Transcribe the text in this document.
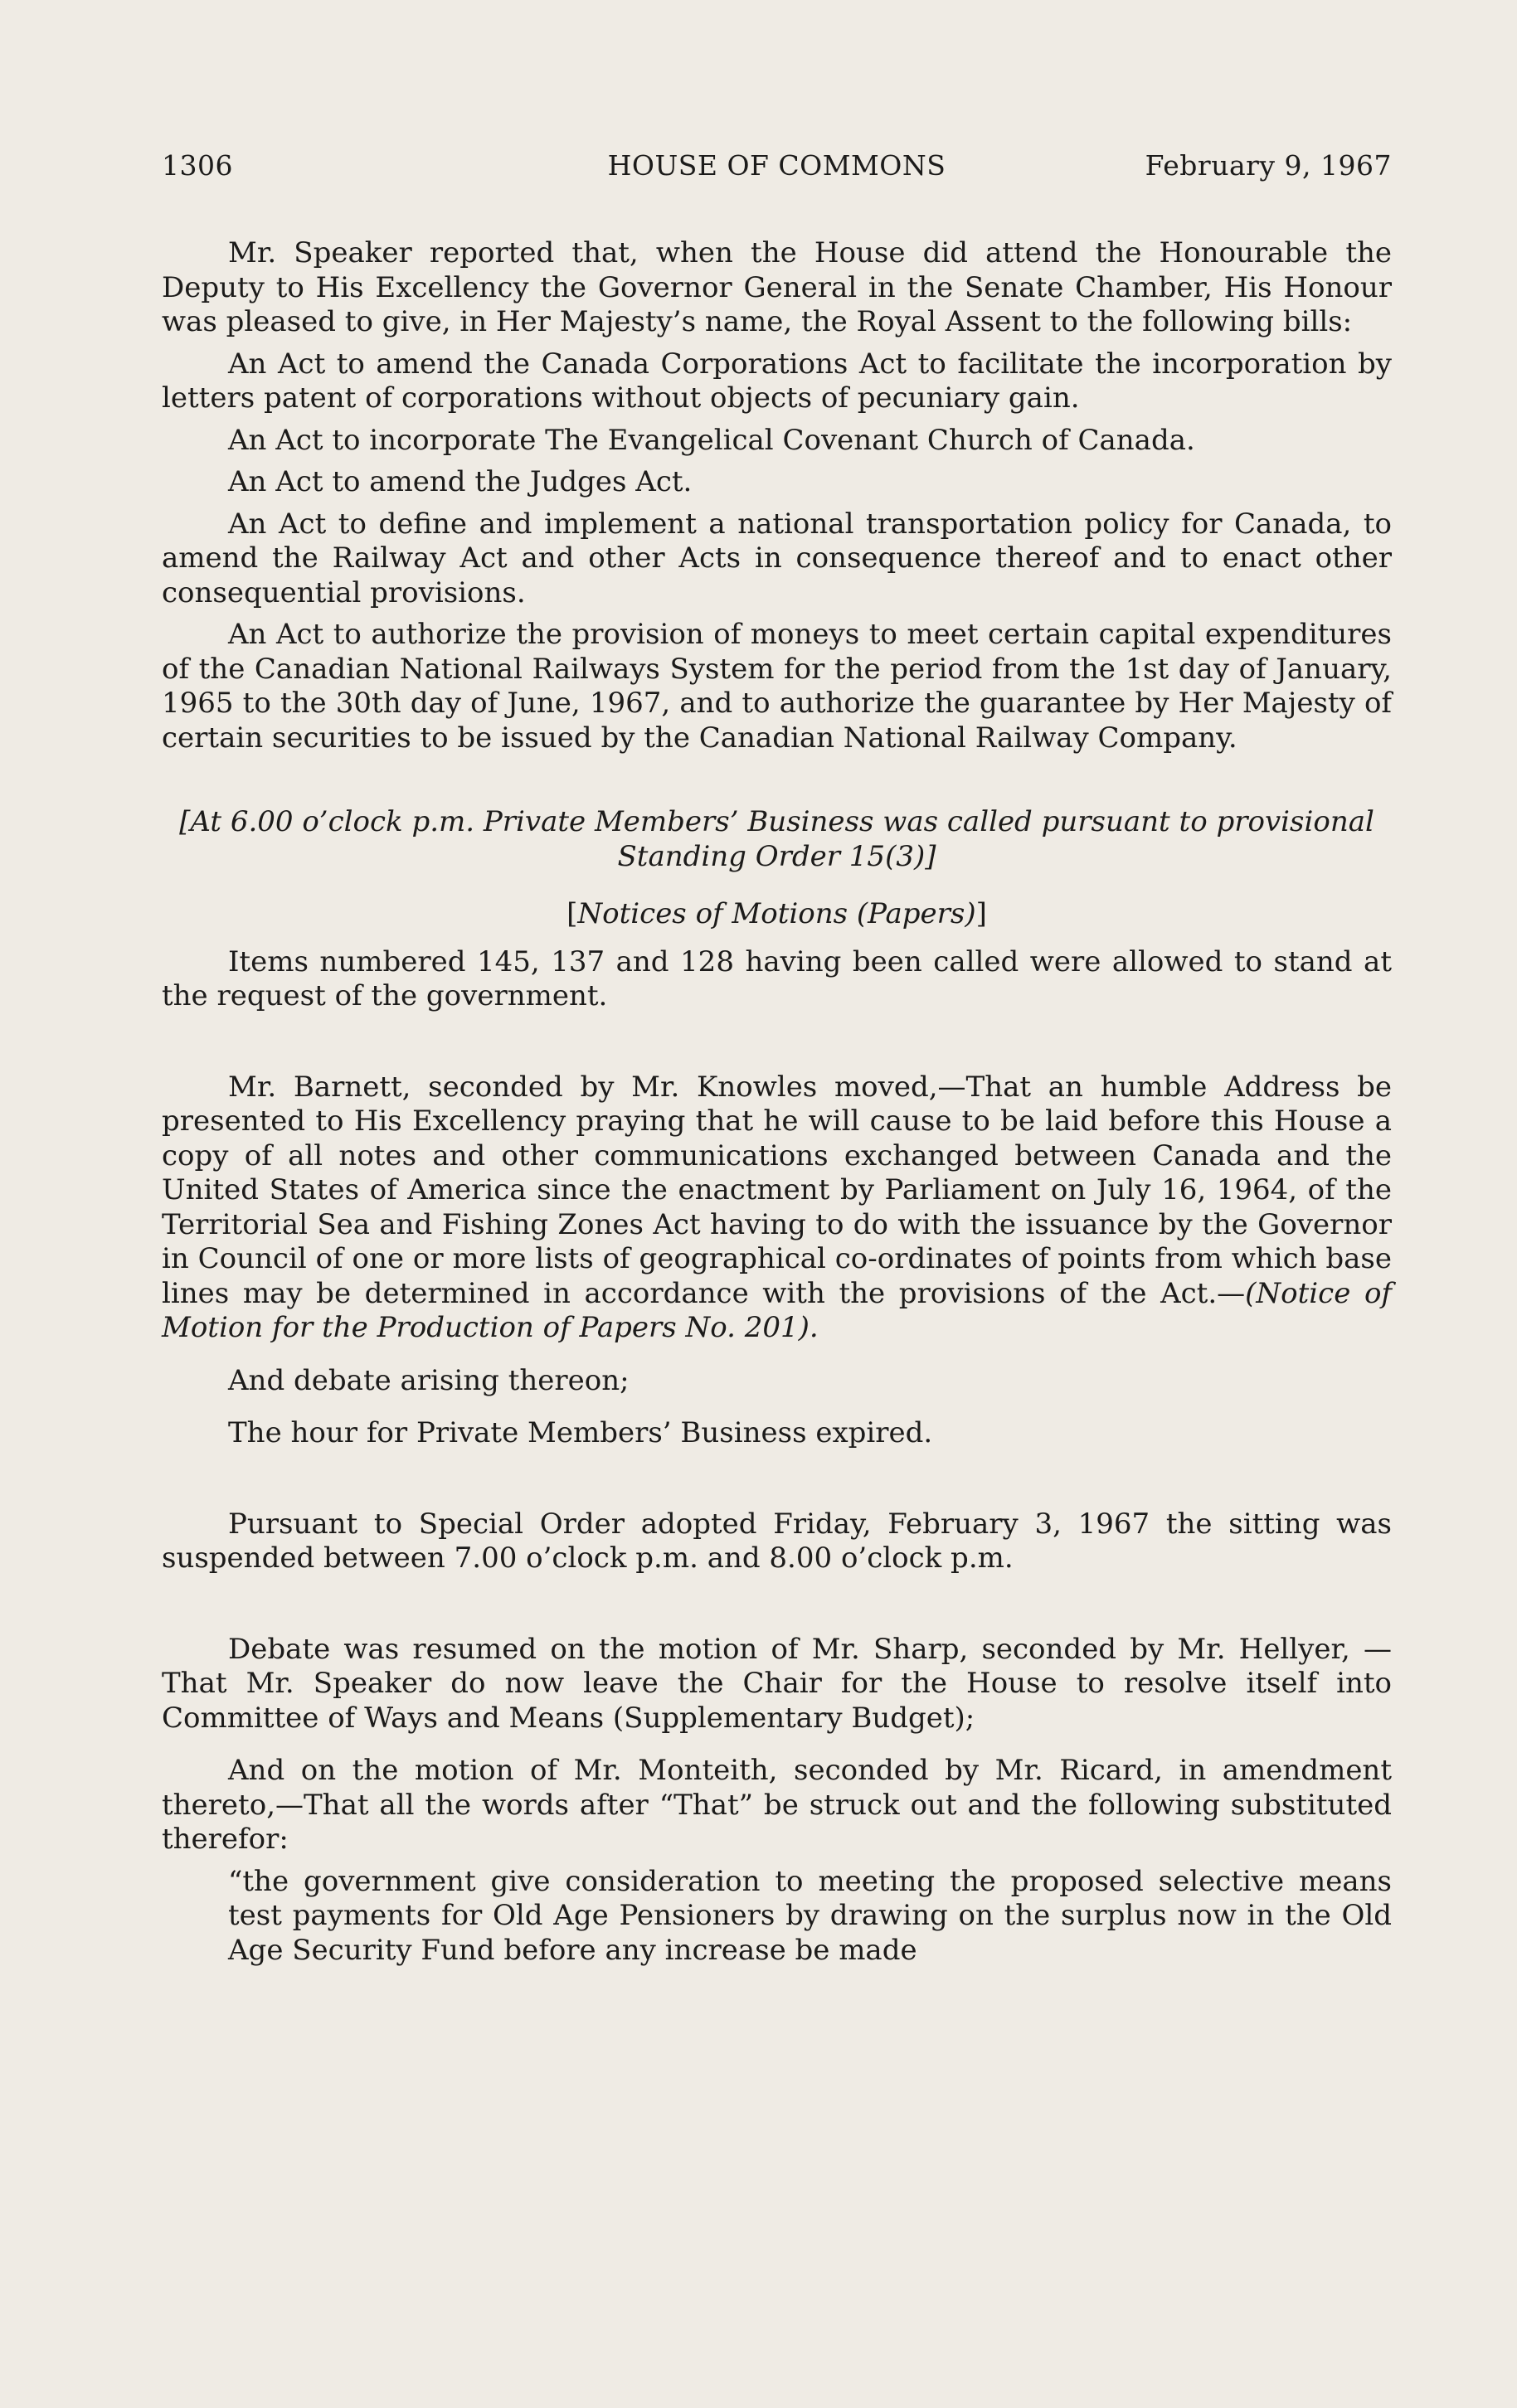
1306	HOUSE OF COMMONS	February 9, 1967

Mr. Speaker reported that, when the House did attend the Honourable the Deputy to His Excellency the Governor General in the Senate Chamber, His Honour was pleased to give, in Her Majesty’s name, the Royal Assent to the following bills:

An Act to amend the Canada Corporations Act to facilitate the incorporation by letters patent of corporations without objects of pecuniary gain.

An Act to incorporate The Evangelical Covenant Church of Canada.

An Act to amend the Judges Act.

An Act to define and implement a national transportation policy for Canada, to amend the Railway Act and other Acts in consequence thereof and to enact other consequential provisions.

An Act to authorize the provision of moneys to meet certain capital expenditures of the Canadian National Railways System for the period from the 1st day of January, 1965 to the 30th day of June, 1967, and to authorize the guarantee by Her Majesty of certain securities to be issued by the Canadian National Railway Company.

[At 6.00 o’clock p.m. Private Members’ Business was called pursuant to provisional Standing Order 15(3)]

[Notices of Motions (Papers)]

Items numbered 145, 137 and 128 having been called were allowed to stand at the request of the government.

Mr. Barnett, seconded by Mr. Knowles moved,—That an humble Address be presented to His Excellency praying that he will cause to be laid before this House a copy of all notes and other communications exchanged between Canada and the United States of America since the enactment by Parliament on July 16, 1964, of the Territorial Sea and Fishing Zones Act having to do with the issuance by the Governor in Council of one or more lists of geographical co-ordinates of points from which base lines may be determined in accordance with the provisions of the Act.—(Notice of Motion for the Production of Papers No. 201).

And debate arising thereon;

The hour for Private Members’ Business expired.

Pursuant to Special Order adopted Friday, February 3, 1967 the sitting was suspended between 7.00 o’clock p.m. and 8.00 o’clock p.m.

Debate was resumed on the motion of Mr. Sharp, seconded by Mr. Hellyer, —That Mr. Speaker do now leave the Chair for the House to resolve itself into Committee of Ways and Means (Supplementary Budget);

And on the motion of Mr. Monteith, seconded by Mr. Ricard, in amendment thereto,—That all the words after “That” be struck out and the following substituted therefor:

“the government give consideration to meeting the proposed selective means test payments for Old Age Pensioners by drawing on the surplus now in the Old Age Security Fund before any increase be made
